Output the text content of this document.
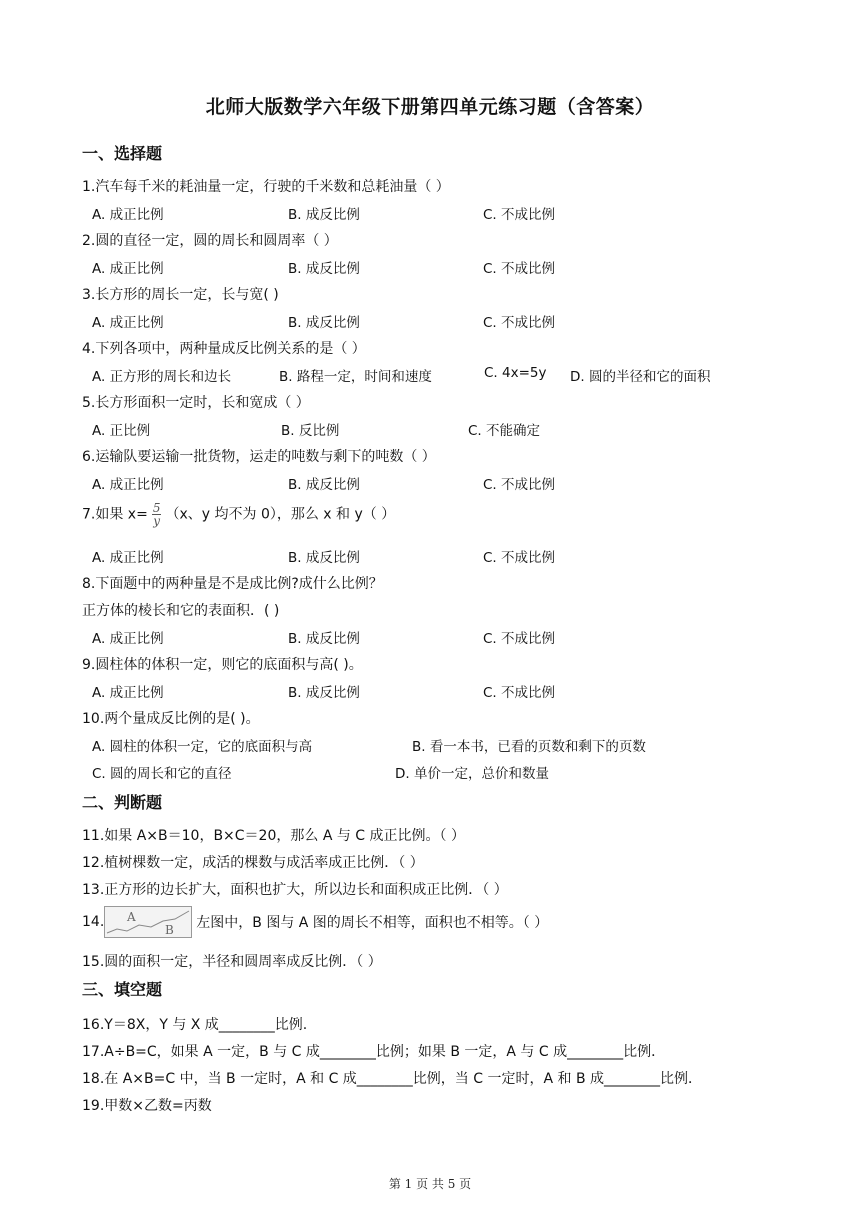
北师大版数学六年级下册第四单元练习题（含答案）
一、选择题
1.汽车每千米的耗油量一定，行驶的千米数和总耗油量（ ）
A. 成正比例	B. 成反比例	C. 不成比例
2.圆的直径一定，圆的周长和圆周率（ ）
A. 成正比例	B. 成反比例	C. 不成比例
3.长方形的周长一定，长与宽( )
A. 成正比例	B. 成反比例	C. 不成比例
4.下列各项中，两种量成反比例关系的是（ ）
A. 正方形的周长和边长	B. 路程一定，时间和速度	C. 4x=5y D. 圆的半径和它的面积
5.长方形面积一定时，长和宽成（ ）
A. 正比例	B. 反比例	C. 不能确定
6.运输队要运输一批货物，运走的吨数与剩下的吨数（ ）
A. 成正比例	B. 成反比例	C. 不成比例
7.如果 $x= \frac{5}{y} (x$、y 均不为 0），那么 x 和 y（ ）
A. 成正比例	B. 成反比例	C. 不成比例
8.下面题中的两种量是不是成比例?成什么比例？
正方体的棱长和它的表面积．( )
A. 成正比例	B. 成反比例	C. 不成比例
9.圆柱体的体积一定，则它的底面积与高( )。
A. 成正比例	B. 成反比例	C. 不成比例
10.两个量成反比例的是( )。
A. 圆柱的体积一定，它的底面积与高	B. 看一本书，已看的页数和剩下的页数
C. 圆的周长和它的直径	D. 单价一定，总价和数量
二、判断题
11.如果 A×B＝10，B×C＝20，那么 A 与 C 成正比例。（ ）
12.植树棵数一定，成活的棵数与成活率成正比例．（ ）
13.正方形的边长扩大，面积也扩大，所以边长和面积成正比例．（ ）
14. A
B 左图中，B 图与 A 图的周长不相等，面积也不相等。（ ）
15.圆的面积一定，半径和圆周率成反比例．（ ）
三、填空题
16.Y＝8X，Y 与 X 成________比例.
17.A÷B=C，如果 A 一定，B 与 C 成________比例；如果 B 一定，A 与 C 成________比例．
18.在 A×B=C 中，当 B 一定时，A 和 C 成________比例，当 C 一定时，A 和 B 成________比例．
19.甲数×乙数=丙数
第 1 页 共 5 页
